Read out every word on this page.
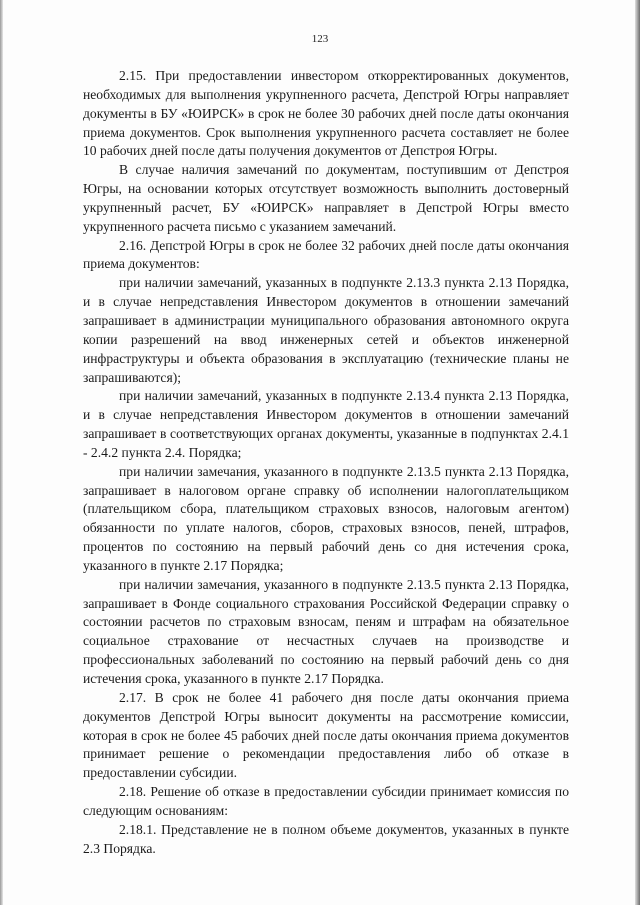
123

2.15. При предоставлении инвестором откорректированных документов, необходимых для выполнения укрупненного расчета, Депстрой Югры направляет документы в БУ «ЮИРСК» в срок не более 30 рабочих дней после даты окончания приема документов. Срок выполнения укрупненного расчета составляет не более 10 рабочих дней после даты получения документов от Депстроя Югры.

В случае наличия замечаний по документам, поступившим от Депстроя Югры, на основании которых отсутствует возможность выполнить достоверный укрупненный расчет, БУ «ЮИРСК» направляет в Депстрой Югры вместо укрупненного расчета письмо с указанием замечаний.

2.16. Депстрой Югры в срок не более 32 рабочих дней после даты окончания приема документов:

при наличии замечаний, указанных в подпункте 2.13.3 пункта 2.13 Порядка, и в случае непредставления Инвестором документов в отношении замечаний запрашивает в администрации муниципального образования автономного округа копии разрешений на ввод инженерных сетей и объектов инженерной инфраструктуры и объекта образования в эксплуатацию (технические планы не запрашиваются);

при наличии замечаний, указанных в подпункте 2.13.4 пункта 2.13 Порядка, и в случае непредставления Инвестором документов в отношении замечаний запрашивает в соответствующих органах документы, указанные в подпунктах 2.4.1 - 2.4.2 пункта 2.4. Порядка;

при наличии замечания, указанного в подпункте 2.13.5 пункта 2.13 Порядка, запрашивает в налоговом органе справку об исполнении налогоплательщиком (плательщиком сбора, плательщиком страховых взносов, налоговым агентом) обязанности по уплате налогов, сборов, страховых взносов, пеней, штрафов, процентов по состоянию на первый рабочий день со дня истечения срока, указанного в пункте 2.17 Порядка;

при наличии замечания, указанного в подпункте 2.13.5 пункта 2.13 Порядка, запрашивает в Фонде социального страхования Российской Федерации справку о состоянии расчетов по страховым взносам, пеням и штрафам на обязательное социальное страхование от несчастных случаев на производстве и профессиональных заболеваний по состоянию на первый рабочий день со дня истечения срока, указанного в пункте 2.17 Порядка.

2.17. В срок не более 41 рабочего дня после даты окончания приема документов Депстрой Югры выносит документы на рассмотрение комиссии, которая в срок не более 45 рабочих дней после даты окончания приема документов принимает решение о рекомендации предоставления либо об отказе в предоставлении субсидии.

2.18. Решение об отказе в предоставлении субсидии принимает комиссия по следующим основаниям:

2.18.1. Представление не в полном объеме документов, указанных в пункте 2.3 Порядка.
